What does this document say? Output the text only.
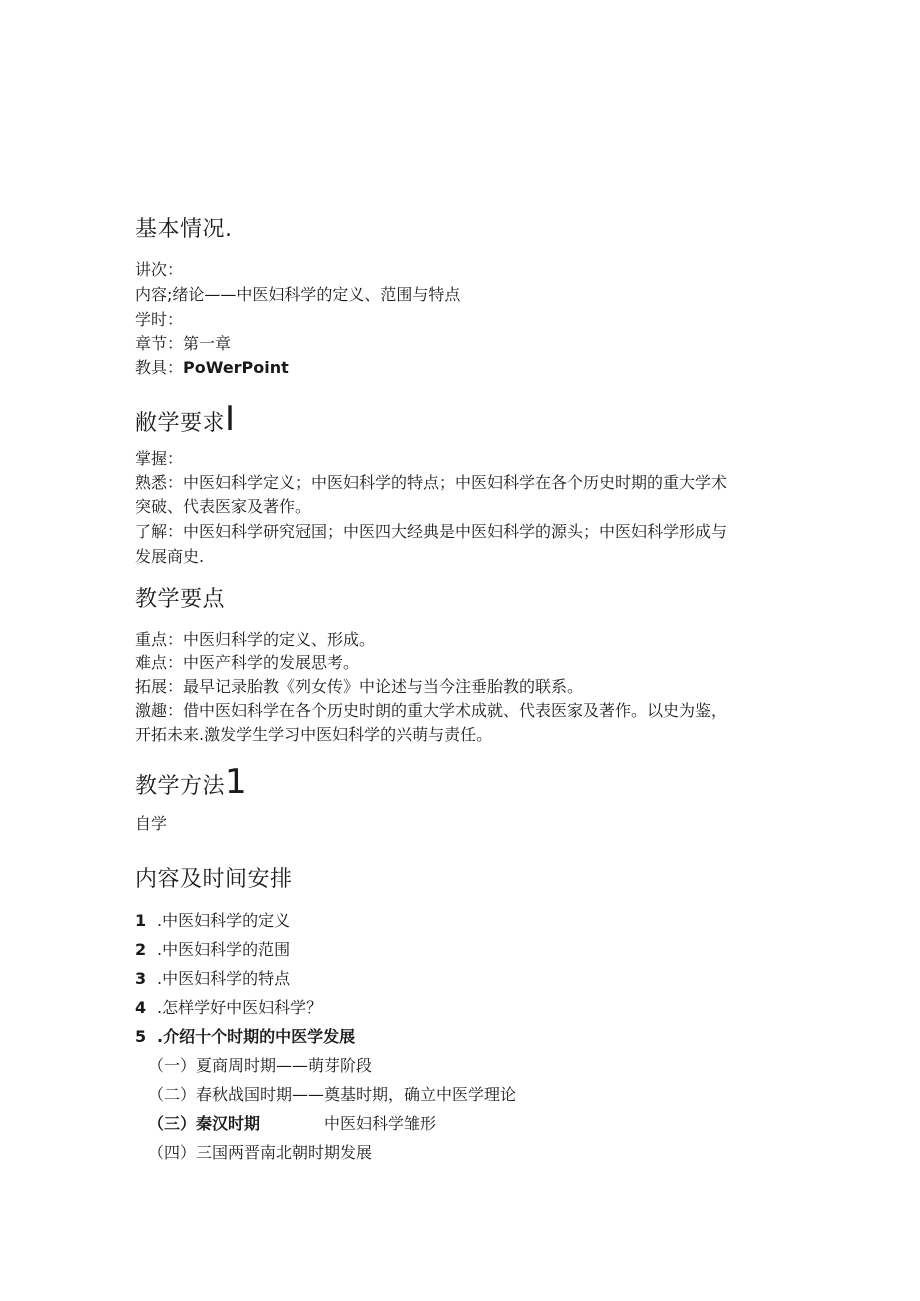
基本情况.
讲次：
内容;绪论——中医妇科学的定义、范围与特点
学时：
章节：第一章
教具：PoWerPoint
敝学要求I
掌握：
熟悉：中医妇科学定义；中医妇科学的特点；中医妇科学在各个历史时期的重大学术
突破、代表医家及著作。
了解：中医妇科学研究冠国；中医四大经典是中医妇科学的源头；中医妇科学形成与
发展商史.
教学要点
重点：中医归科学的定义、形成。
难点：中医产科学的发展思考。
拓展：最早记录胎教《列女传》中论述与当今注垂胎教的联系。
激趣：借中医妇科学在各个历史时朗的重大学术成就、代表医家及著作。以史为鉴，
开拓未来.激发学生学习中医妇科学的兴萌与责任。
教学方法1
自学
内容及时间安排
1 .中医妇科学的定义
2 .中医妇科学的范围
3 .中医妇科学的特点
4 .怎样学好中医妇科学？
5 .介绍十个时期的中医学发展
（一）夏商周时期——萌芽阶段
（二）春秋战国时期——奠基时期，确立中医学理论
（三）秦汉时期	中医妇科学雏形
（四）三国两晋南北朝时期发展
